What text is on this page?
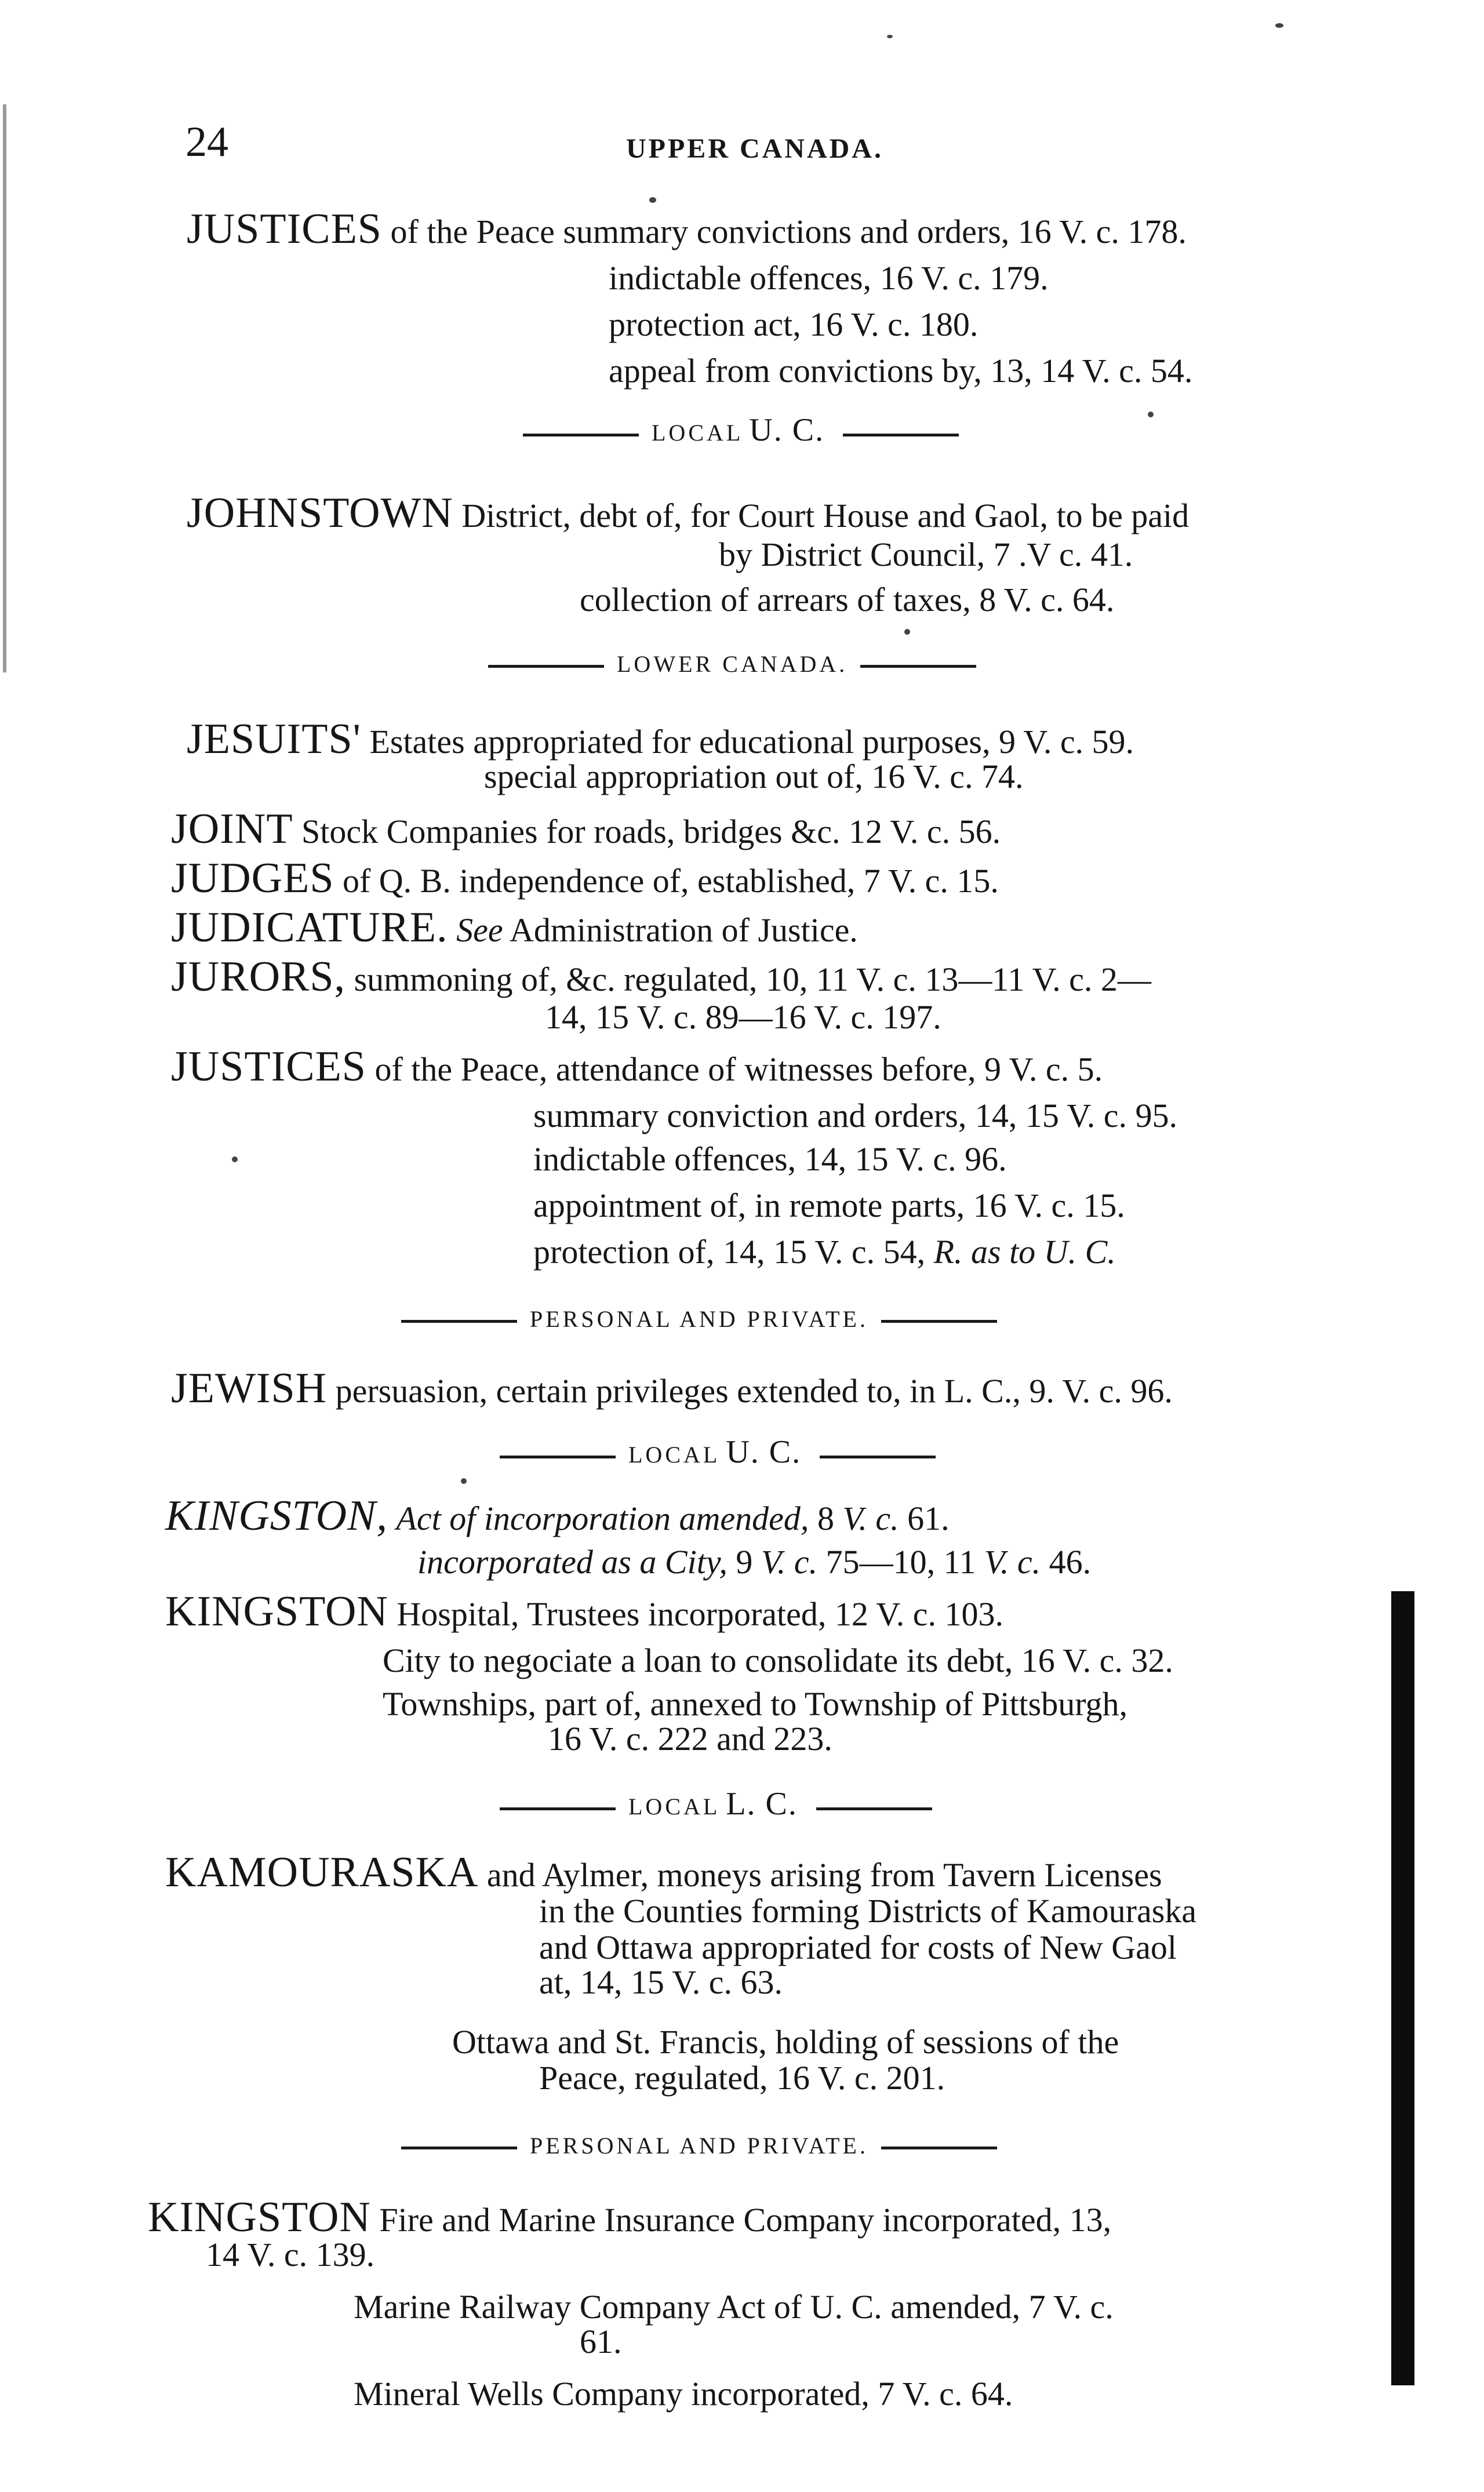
24	UPPER CANADA.
JUSTICES of the Peace summary convictions and orders, 16 V. c. 178.
indictable offences, 16 V. c. 179.
protection act, 16 V. c. 180.
appeal from convictions by, 13, 14 V. c. 54.
LOCAL U. C.
JOHNSTOWN District, debt of, for Court House and Gaol, to be paid
by District Council, 7 .V c. 41.
collection of arrears of taxes, 8 V. c. 64.
LOWER CANADA.
JESUITS' Estates appropriated for educational purposes, 9 V. c. 59.
special appropriation out of, 16 V. c. 74.
JOINT Stock Companies for roads, bridges &c. 12 V. c. 56.
JUDGES of Q. B. independence of, established, 7 V. c. 15.
JUDICATURE. See Administration of Justice.
JURORS, summoning of, &c. regulated, 10, 11 V. c. 13—11 V. c. 2—
14, 15 V. c. 89—16 V. c. 197.
JUSTICES of the Peace, attendance of witnesses before, 9 V. c. 5.
summary conviction and orders, 14, 15 V. c. 95.
indictable offences, 14, 15 V. c. 96.
appointment of, in remote parts, 16 V. c. 15.
protection of, 14, 15 V. c. 54, R. as to U. C.
PERSONAL AND PRIVATE.
JEWISH persuasion, certain privileges extended to, in L. C., 9. V. c. 96.
LOCAL U. C.
KINGSTON, Act of incorporation amended, 8 V. c. 61.
incorporated as a City, 9 V. c. 75—10, 11 V. c. 46.
KINGSTON Hospital, Trustees incorporated, 12 V. c. 103.
City to negociate a loan to consolidate its debt, 16 V. c. 32.
Townships, part of, annexed to Township of Pittsburgh,
16 V. c. 222 and 223.
LOCAL L. C.
KAMOURASKA and Aylmer, moneys arising from Tavern Licenses
in the Counties forming Districts of Kamouraska
and Ottawa appropriated for costs of New Gaol
at, 14, 15 V. c. 63.
Ottawa and St. Francis, holding of sessions of the
Peace, regulated, 16 V. c. 201.
PERSONAL AND PRIVATE.
KINGSTON Fire and Marine Insurance Company incorporated, 13,
14 V. c. 139.
Marine Railway Company Act of U. C. amended, 7 V. c.
61.
Mineral Wells Company incorporated, 7 V. c. 64.
